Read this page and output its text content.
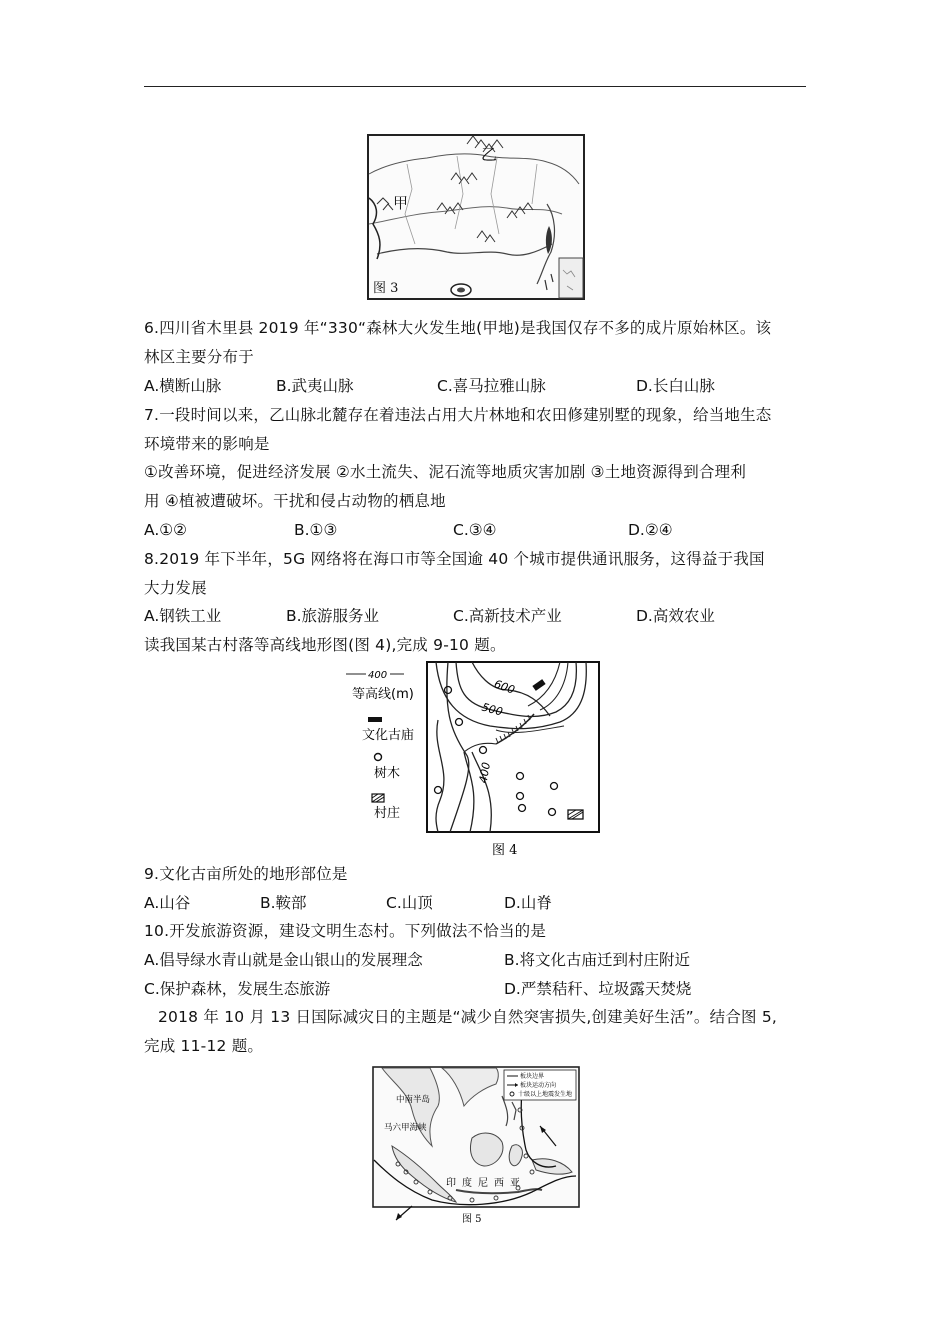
乙
甲
图 3
6.四川省木里县 2019 年“330“森林大火发生地(甲地)是我国仅存不多的成片原始林区。该
林区主要分布于
A.横断山脉	B.武夷山脉	C.喜马拉雅山脉	D.长白山脉
7.一段时间以来，乙山脉北麓存在着违法占用大片林地和农田修建别墅的现象，给当地生态
环境带来的影响是
①改善环境，促进经济发展 ②水土流失、泥石流等地质灾害加剧 ③土地资源得到合理利
用 ④植被遭破坏。干扰和侵占动物的栖息地
A.①②	B.①③	C.③④	D.②④
8.2019 年下半年，5G 网络将在海口市等全国逾 40 个城市提供通讯服务，这得益于我国
大力发展
A.钢铁工业	B.旅游服务业	C.高新技术产业	D.高效农业
读我国某古村落等高线地形图(图 4),完成 9-10 题。
400
等高线(m)
文化古庙
树木
村庄
600
500
400
图 4
9.文化古亩所处的地形部位是
A.山谷	B.鞍部	C.山顶	D.山脊
10.开发旅游资源，建设文明生态村。下列做法不恰当的是
A.倡导绿水青山就是金山银山的发展理念	B.将文化古庙迁到村庄附近
C.保护森林，发展生态旅游	D.严禁秸秆、垃圾露天焚烧
2018 年 10 月 13 日国际减灾日的主题是“减少自然突害损失,创建美好生活”。结合图 5,
完成 11-12 题。
板块边界
板块运动方向
十级以上地震发生地
中南半岛
马六甲海峡
印度尼西亚
图 5
